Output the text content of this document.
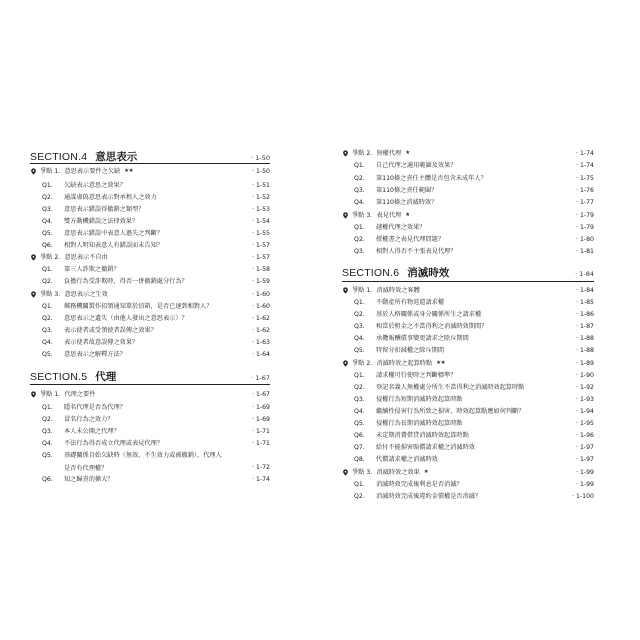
SECTION.4 意思表示	· 1-50
爭點 1．意思表示要件之欠缺 ★★	· 1-50
Q1.	欠缺表示意思之效果？	· 1-51
Q2.	通謀虛偽意思表示對承租人之效力	· 1-52
Q3.	意思表示錯誤得撤銷之類型？	· 1-53
Q4.	雙方動機錯誤之法律效果？	· 1-54
Q5.	意思表示錯誤中表意人過失之判斷？	· 1-55
Q6.	相對人明知表意人有錯誤而未告知？	· 1-57
爭點 2．意思表示不自由	· 1-57
Q1.	第三人詐欺之撤銷？	· 1-58
Q2.	負擔行為受詐欺時，得否一併撤銷處分行為？	· 1-59
爭點 3．意思表示之生效	· 1-60
Q1.	郵務機關製作招領通知單於信箱，是否已達到相對人？	· 1-60
Q2.	意思表示之遺失（由他人發出之意思表示）？	· 1-62
Q3.	表示使者或受領使者誤傳之效果？	· 1-62
Q4.	表示使者故意誤傳之效果？	· 1-63
Q5.	意思表示之解釋方法？	· 1-64
SECTION.5 代理	· 1-67
爭點 1．代理之要件	· 1-67
Q1.	隱名代理是否為代理？	· 1-69
Q2.	冒名行為之效力？	· 1-69
Q3.	本人未公開之代理？	· 1-71
Q4.	不法行為得否成立代理或表見代理？	· 1-71
Q5.	基礎關係自始欠缺時（無效、不生效力或被撤銷），代理人
是否有代理權？	· 1-72
Q6.	知之歸責的擴大？	· 1-74
爭點 2．無權代理 ★	· 1-74
Q1.	自己代理之適用範圍及效果？	· 1-74
Q2.	第110條之責任主體是否包含未成年人？	· 1-75
Q3.	第110條之責任範圍？	· 1-76
Q4.	第110條之消滅時效？	· 1-77
爭點 3．表見代理 ★	· 1-79
Q1.	越權代理之效果？	· 1-79
Q2.	授權書之表見代理問題？	· 1-80
Q3.	相對人得否不主張表見代理？	· 1-81
SECTION.6 消滅時效	· 1-84
爭點 1．消滅時效之客體	· 1-84
Q1.	不動產所有物返還請求權	· 1-85
Q2.	基於人格關係或身分關係所生之請求權	· 1-86
Q3.	相當於租金之不當得利之消滅時效期間？	· 1-87
Q4.	承攬報酬債事變更請求之除斥期間	· 1-88
Q5.	特留分扣減權之除斥期間	· 1-88
爭點 2．消滅時效之起算時點 ★★	· 1-89
Q1.	請求權可行使時之判斷標準？	· 1-90
Q2.	登記名義人無權處分所生不當得利之消滅時效起算時點	· 1-92
Q3.	侵權行為短期消滅時效起算時點	· 1-93
Q4.	繼續性侵害行為所致之損害，時效起算點應如何判斷？	· 1-94
Q5.	侵權行為長期消滅時效起算時點	· 1-95
Q6.	未定期消費借貸消滅時效起算時點	· 1-96
Q7.	給付不能損害賠償請求權之消滅時效	· 1-97
Q8.	代償請求權之消滅時效	· 1-97
爭點 3．消滅時效之效果 ★	· 1-99
Q1.	消滅時效完成後利息是否消滅？	· 1-99
Q2.	消滅時效完成後違約金債權是否消滅？	· 1-100
